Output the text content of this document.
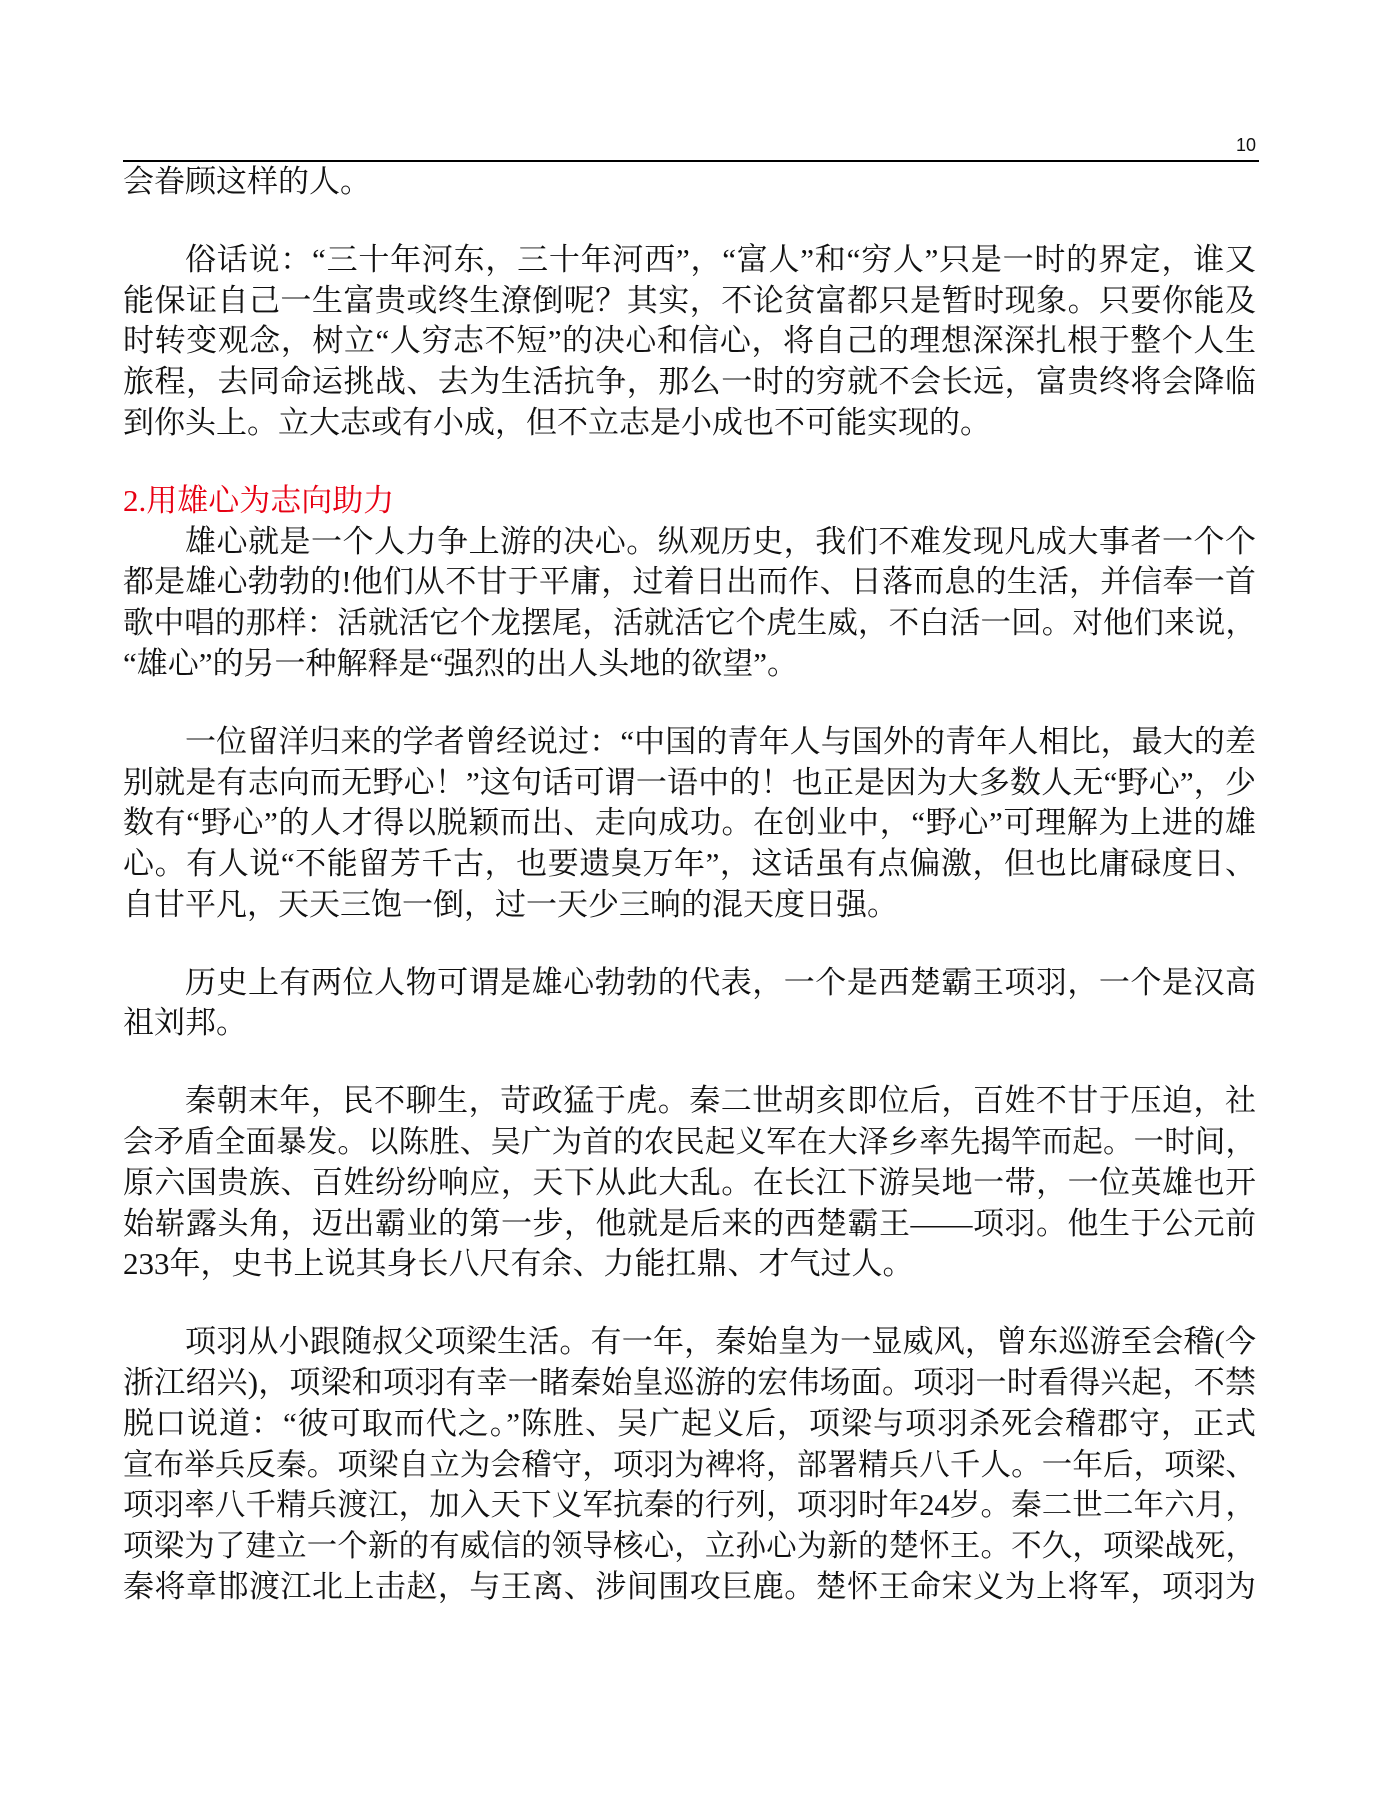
10
会眷顾这样的人。
俗话说：“三十年河东，三十年河西”，“富人”和“穷人”只是一时的界定，谁又
能保证自己一生富贵或终生潦倒呢？其实，不论贫富都只是暂时现象。只要你能及
时转变观念，树立“人穷志不短”的决心和信心，将自己的理想深深扎根于整个人生
旅程，去同命运挑战、去为生活抗争，那么一时的穷就不会长远，富贵终将会降临
到你头上。立大志或有小成，但不立志是小成也不可能实现的。
2.用雄心为志向助力
雄心就是一个人力争上游的决心。纵观历史，我们不难发现凡成大事者一个个
都是雄心勃勃的!他们从不甘于平庸，过着日出而作、日落而息的生活，并信奉一首
歌中唱的那样：活就活它个龙摆尾，活就活它个虎生威，不白活一回。对他们来说，
“雄心”的另一种解释是“强烈的出人头地的欲望”。
一位留洋归来的学者曾经说过：“中国的青年人与国外的青年人相比，最大的差
别就是有志向而无野心！”这句话可谓一语中的！也正是因为大多数人无“野心”，少
数有“野心”的人才得以脱颖而出、走向成功。在创业中，“野心”可理解为上进的雄
心。有人说“不能留芳千古，也要遗臭万年”，这话虽有点偏激，但也比庸碌度日、
自甘平凡，天天三饱一倒，过一天少三晌的混天度日强。
历史上有两位人物可谓是雄心勃勃的代表，一个是西楚霸王项羽，一个是汉高
祖刘邦。
秦朝末年，民不聊生，苛政猛于虎。秦二世胡亥即位后，百姓不甘于压迫，社
会矛盾全面暴发。以陈胜、吴广为首的农民起义军在大泽乡率先揭竿而起。一时间，
原六国贵族、百姓纷纷响应，天下从此大乱。在长江下游吴地一带，一位英雄也开
始崭露头角，迈出霸业的第一步，他就是后来的西楚霸王——项羽。他生于公元前
233年，史书上说其身长八尺有余、力能扛鼎、才气过人。
项羽从小跟随叔父项梁生活。有一年，秦始皇为一显威风，曾东巡游至会稽(今
浙江绍兴)，项梁和项羽有幸一睹秦始皇巡游的宏伟场面。项羽一时看得兴起，不禁
脱口说道：“彼可取而代之。”陈胜、吴广起义后，项梁与项羽杀死会稽郡守，正式
宣布举兵反秦。项梁自立为会稽守，项羽为裨将，部署精兵八千人。一年后，项梁、
项羽率八千精兵渡江，加入天下义军抗秦的行列，项羽时年24岁。秦二世二年六月，
项梁为了建立一个新的有威信的领导核心，立孙心为新的楚怀王。不久，项梁战死，
秦将章邯渡江北上击赵，与王离、涉间围攻巨鹿。楚怀王命宋义为上将军，项羽为
